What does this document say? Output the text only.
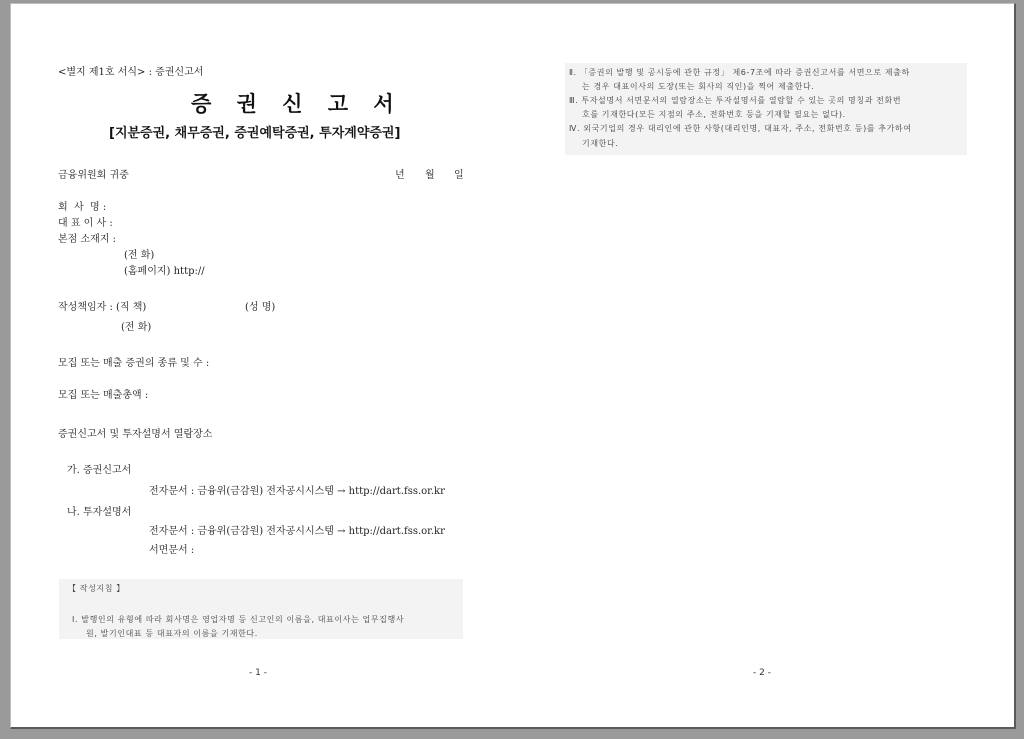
<별지 제1호 서식> : 증권신고서
증 권 신 고 서
[지분증권, 채무증권, 증권예탁증권, 투자계약증권]
금융위원회 귀중	년 월 일
회  사  명 :
대 표 이 사 :
본점 소재지 :
(전 화)
(홈페이지) http://
작성책임자 : (직 책)	(성 명)
(전 화)
모집 또는 매출 증권의 종류 및 수 :
모집 또는 매출총액 :
증권신고서 및 투자설명서 열람장소
가. 증권신고서
전자문서 : 금융위(금감원) 전자공시시스템 → http://dart.fss.or.kr
나. 투자설명서
전자문서 : 금융위(금감원) 전자공시시스템 → http://dart.fss.or.kr
서면문서 :
【 작성지침 】
Ⅰ. 발행인의 유형에 따라 회사명은 영업자명 등 신고인의 이름을, 대표이사는 업무집행사
원, 발기인대표 등 대표자의 이름을 기재한다.
- 1 -
Ⅱ. 「증권의 발행 및 공시등에 관한 규정」 제6-7조에 따라 증권신고서를 서면으로 제출하
는 경우 대표이사의 도장(또는 회사의 직인)을 찍어 제출한다.
Ⅲ. 투자설명서 서면문서의 열람장소는 투자설명서를 열람할 수 있는 곳의 명칭과 전화번
호를 기재한다(모든 지점의 주소, 전화번호 등을 기재할 필요는 없다).
Ⅳ. 외국기업의 경우 대리인에 관한 사항(대리인명, 대표자, 주소, 전화번호 등)를 추가하여
기재한다.
- 2 -
